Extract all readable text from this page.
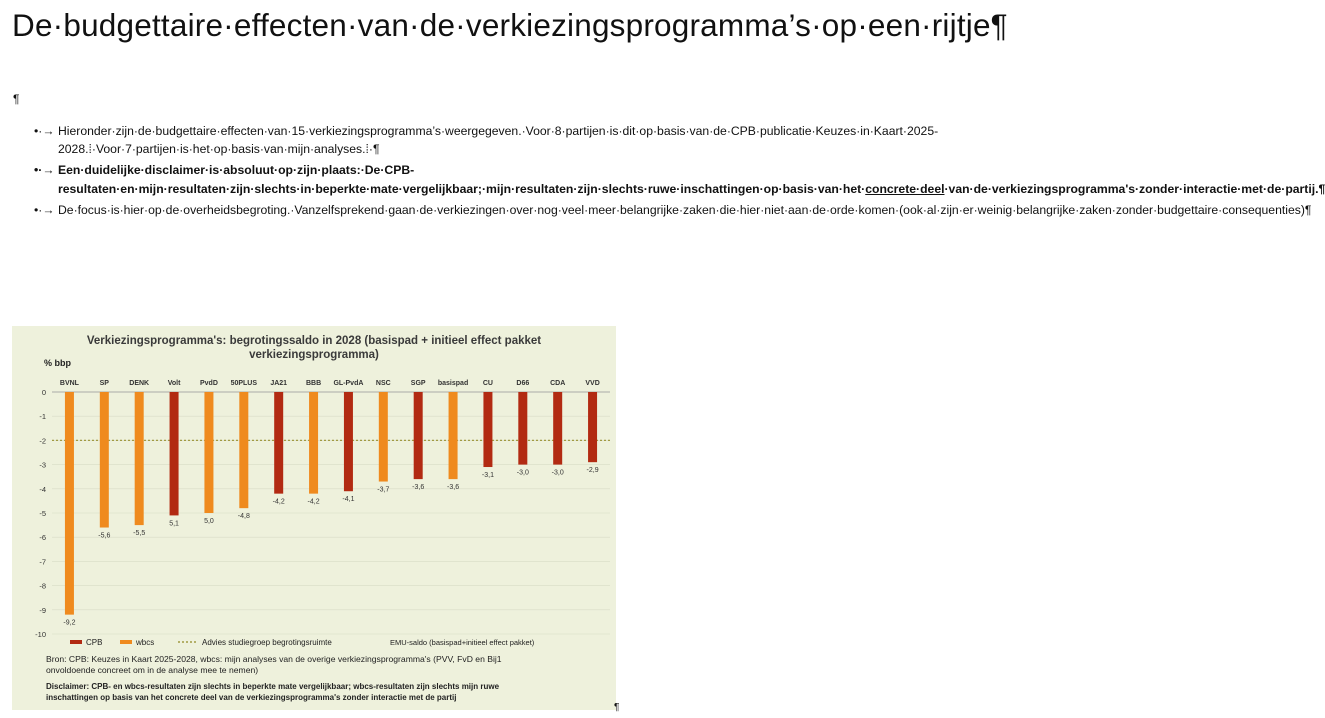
De·budgettaire·effecten·van·de·verkiezingsprogramma’s·op·een·rijtje¶
¶
•·→ Hieronder·zijn·de·budgettaire·effecten·van·15·verkiezingsprogramma’s·weergegeven.·Voor·8·partijen·is·dit·op·basis·van·de·CPB·publicatie·Keuzes·in·Kaart·2025-2028.⁞·Voor·7·partijen·is·het·op·basis·van·mijn·analyses.⁞·¶
•·→ Een·duidelijke·disclaimer·is·absoluut·op·zijn·plaats:·De·CPB-resultaten·en·mijn·resultaten·zijn·slechts·in·beperkte·mate·vergelijkbaar;·mijn·resultaten·zijn·slechts·ruwe·inschattingen·op·basis·van·het·concrete·deel·van·de·verkiezingsprogramma's·zonder·interactie·met·de·partij.¶
•·→ De·focus·is·hier·op·de·overheidsbegroting.·Vanzelfsprekend·gaan·de·verkiezingen·over·nog·veel·meer·belangrijke·zaken·die·hier·niet·aan·de·orde·komen·(ook·al·zijn·er·weinig·belangrijke·zaken·zonder·budgettaire·consequenties)¶
Verkiezingsprogramma's: begrotingssaldo in 2028 (basispad + initieel effect pakket
verkiezingsprogramma)
% bbp
0
-1
-2
-3
-4
-5
-6
-7
-8
-9
-10
BVNL	SP	DENK	Volt	PvdD 50PLUS JA21	BBB GL-PvdA NSC	SGP basispad CU	D66	CDA	VVD
-9,2
-5,6	-5,5
5,1	5,0
-4,8
-4,2	-4,2	-4,1
-3,7	-3,6	-3,6
-3,1	-3,0	-3,0	-2,9
CPB	wbcs	Advies studiegroep begrotingsruimte	EMU-saldo (basispad+initieel effect pakket)
Bron: CPB: Keuzes in Kaart 2025-2028, wbcs: mijn analyses van de overige verkiezingsprogramma's (PVV, FvD en Bij1
onvoldoende concreet om in de analyse mee te nemen)
Disclaimer: CPB- en wbcs-resultaten zijn slechts in beperkte mate vergelijkbaar; wbcs-resultaten zijn slechts mijn ruwe
inschattingen op basis van het concrete deel van de verkiezingsprogramma's zonder interactie met de partij
¶
